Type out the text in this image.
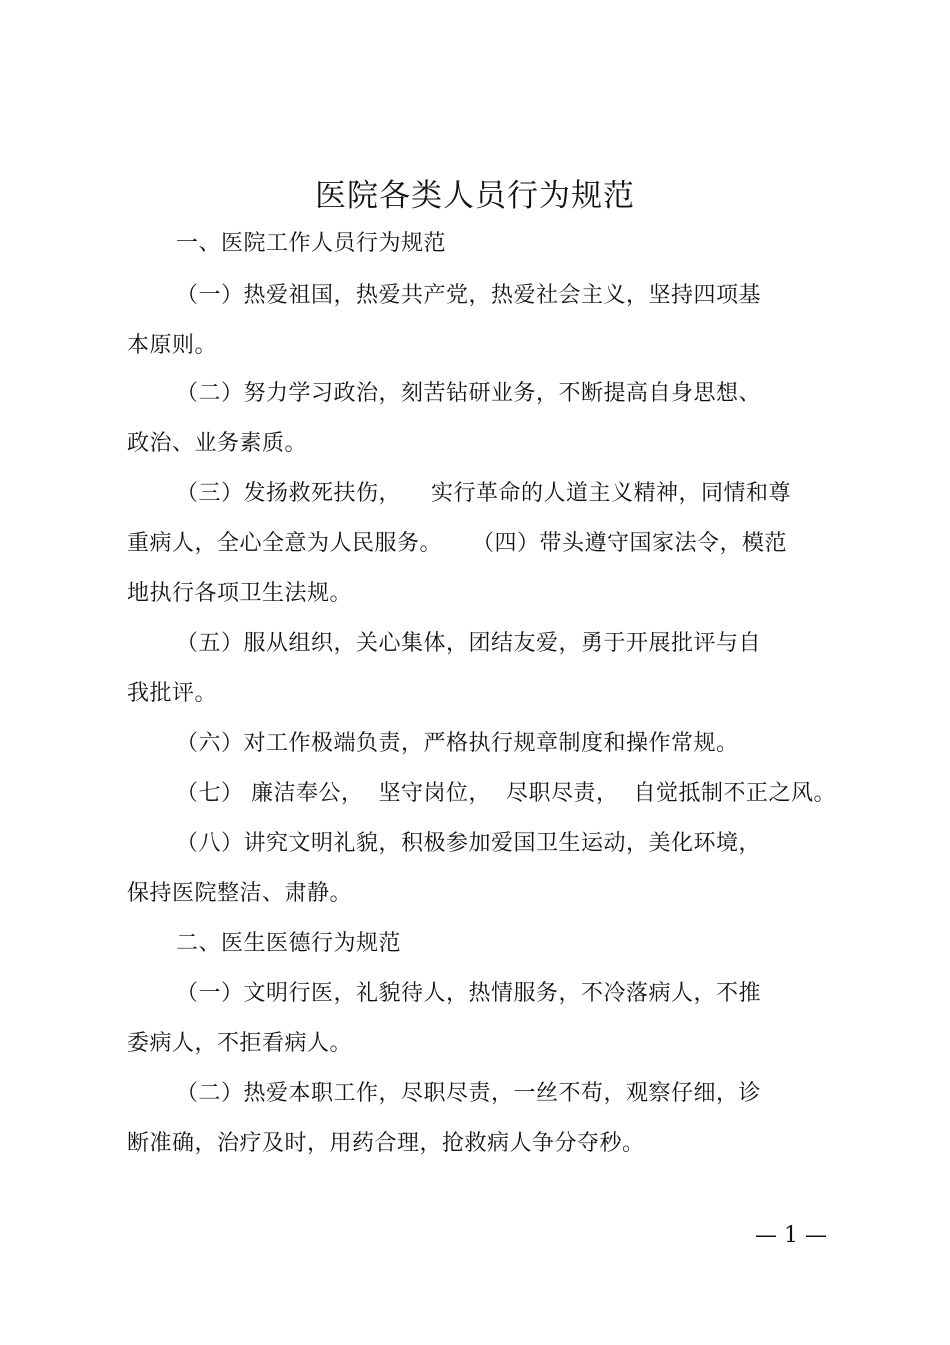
医院各类人员行为规范
一、医院工作人员行为规范
（一）热爱祖国，热爱共产党，热爱社会主义，坚持四项基
本原则。
（二）努力学习政治，刻苦钻研业务，不断提高自身思想、
政治、业务素质。
（三）发扬救死扶伤，    实行革命的人道主义精神，同情和尊
重病人，全心全意为人民服务。    （四）带头遵守国家法令，模范
地执行各项卫生法规。
（五）服从组织，关心集体，团结友爱，勇于开展批评与自
我批评。
（六）对工作极端负责，严格执行规章制度和操作常规。
（七） 廉洁奉公，  坚守岗位，  尽职尽责，  自觉抵制不正之风。
（八）讲究文明礼貌，积极参加爱国卫生运动，美化环境，
保持医院整洁、肃静。
二、医生医德行为规范
（一）文明行医，礼貌待人，热情服务，不冷落病人，不推
委病人，不拒看病人。
（二）热爱本职工作，尽职尽责，一丝不苟，观察仔细，诊
断准确，治疗及时，用药合理，抢救病人争分夺秒。
— 1 —
